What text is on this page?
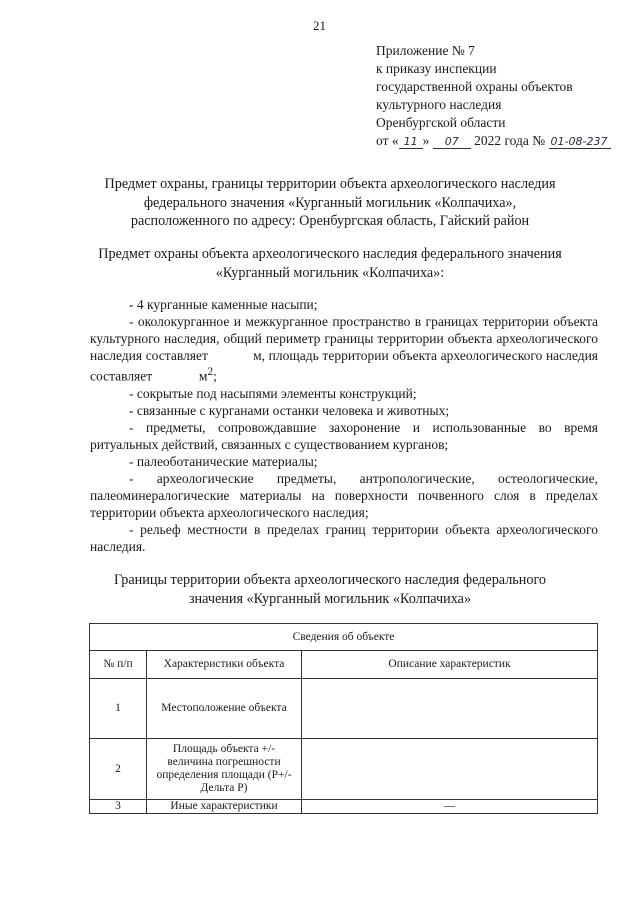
21
Приложение № 7
к приказу инспекции
государственной охраны объектов
культурного наследия
Оренбургской области
от « 11 » 07 2022 года № 01-08-237
Предмет охраны, границы территории объекта археологического наследия
федерального значения «Курганный могильник «Колпачиха»,
расположенного по адресу: Оренбургская область, Гайский район
Предмет охраны объекта археологического наследия федерального значения
«Курганный могильник «Колпачиха»:

- 4 курганные каменные насыпи;

- околокурганное и межкурганное пространство в границах территории объекта культурного наследия, общий периметр границы территории объекта археологического наследия составляет	м, площадь территории объекта археологического наследия составляет	$м^2$;

- сокрытые под насыпями элементы конструкций;

- связанные с курганами останки человека и животных;

- предметы, сопровождавшие захоронение и использованные во время ритуальных действий, связанных с существованием курганов;

- палеоботанические материалы;

- археологические предметы, антропологические, остеологические, палеоминералогические материалы на поверхности почвенного слоя в пределах территории объекта археологического наследия;

- рельеф местности в пределах границ территории объекта археологического наследия.

Границы территории объекта археологического наследия федерального
значения «Курганный могильник «Колпачиха»
Сведения об объекте		
№ п/п	Характеристики объекта	Описание характеристик
1	Местоположение объекта	
2	Площадь объекта +/- величина погрешности определения площади (Р+/- Дельта Р)	
3	Иные характеристики	—
